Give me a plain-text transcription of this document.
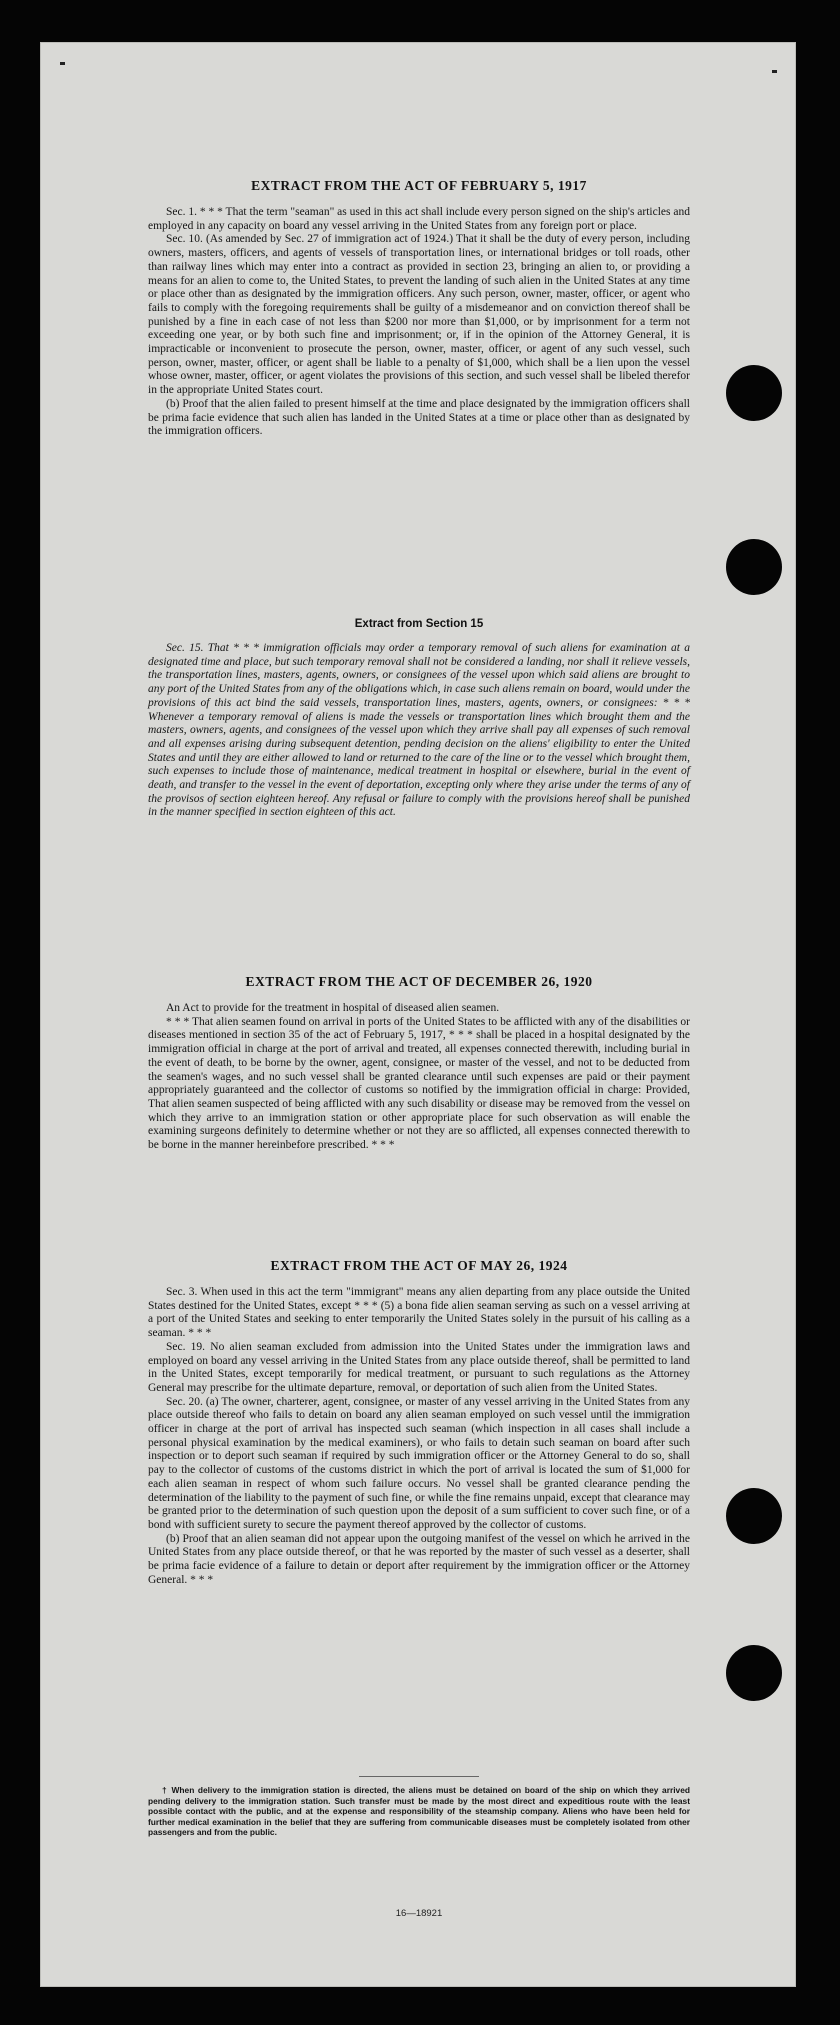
EXTRACT FROM THE ACT OF FEBRUARY 5, 1917

Sec. 1. * * * That the term "seaman" as used in this act shall include every person signed on the ship's articles and employed in any capacity on board any vessel arriving in the United States from any foreign port or place.

Sec. 10. (As amended by Sec. 27 of immigration act of 1924.) That it shall be the duty of every person, including owners, masters, officers, and agents of vessels of transportation lines, or international bridges or toll roads, other than railway lines which may enter into a contract as provided in section 23, bringing an alien to, or providing a means for an alien to come to, the United States, to prevent the landing of such alien in the United States at any time or place other than as designated by the immigration officers. Any such person, owner, master, officer, or agent who fails to comply with the foregoing requirements shall be guilty of a misdemeanor and on conviction thereof shall be punished by a fine in each case of not less than $200 nor more than $1,000, or by imprisonment for a term not exceeding one year, or by both such fine and imprisonment; or, if in the opinion of the Attorney General, it is impracticable or inconvenient to prosecute the person, owner, master, officer, or agent of any such vessel, such person, owner, master, officer, or agent shall be liable to a penalty of $1,000, which shall be a lien upon the vessel whose owner, master, officer, or agent violates the provisions of this section, and such vessel shall be libeled therefor in the appropriate United States court.

(b) Proof that the alien failed to present himself at the time and place designated by the immigration officers shall be prima facie evidence that such alien has landed in the United States at a time or place other than as designated by the immigration officers.

Extract from Section 15

Sec. 15. That * * * immigration officials may order a temporary removal of such aliens for examination at a designated time and place, but such temporary removal shall not be considered a landing, nor shall it relieve vessels, the transportation lines, masters, agents, owners, or consignees of the vessel upon which said aliens are brought to any port of the United States from any of the obligations which, in case such aliens remain on board, would under the provisions of this act bind the said vessels, transportation lines, masters, agents, owners, or consignees: * * * Whenever a temporary removal of aliens is made the vessels or transportation lines which brought them and the masters, owners, agents, and consignees of the vessel upon which they arrive shall pay all expenses of such removal and all expenses arising during subsequent detention, pending decision on the aliens' eligibility to enter the United States and until they are either allowed to land or returned to the care of the line or to the vessel which brought them, such expenses to include those of maintenance, medical treatment in hospital or elsewhere, burial in the event of death, and transfer to the vessel in the event of deportation, excepting only where they arise under the terms of any of the provisos of section eighteen hereof. Any refusal or failure to comply with the provisions hereof shall be punished in the manner specified in section eighteen of this act.

EXTRACT FROM THE ACT OF DECEMBER 26, 1920

An Act to provide for the treatment in hospital of diseased alien seamen.

* * * That alien seamen found on arrival in ports of the United States to be afflicted with any of the disabilities or diseases mentioned in section 35 of the act of February 5, 1917, * * * shall be placed in a hospital designated by the immigration official in charge at the port of arrival and treated, all expenses connected therewith, including burial in the event of death, to be borne by the owner, agent, consignee, or master of the vessel, and not to be deducted from the seamen's wages, and no such vessel shall be granted clearance until such expenses are paid or their payment appropriately guaranteed and the collector of customs so notified by the immigration official in charge: Provided, That alien seamen suspected of being afflicted with any such disability or disease may be removed from the vessel on which they arrive to an immigration station or other appropriate place for such observation as will enable the examining surgeons definitely to determine whether or not they are so afflicted, all expenses connected therewith to be borne in the manner hereinbefore prescribed. * * *

EXTRACT FROM THE ACT OF MAY 26, 1924

Sec. 3. When used in this act the term "immigrant" means any alien departing from any place outside the United States destined for the United States, except * * * (5) a bona fide alien seaman serving as such on a vessel arriving at a port of the United States and seeking to enter temporarily the United States solely in the pursuit of his calling as a seaman. * * *

Sec. 19. No alien seaman excluded from admission into the United States under the immigration laws and employed on board any vessel arriving in the United States from any place outside thereof, shall be permitted to land in the United States, except temporarily for medical treatment, or pursuant to such regulations as the Attorney General may prescribe for the ultimate departure, removal, or deportation of such alien from the United States.

Sec. 20. (a) The owner, charterer, agent, consignee, or master of any vessel arriving in the United States from any place outside thereof who fails to detain on board any alien seaman employed on such vessel until the immigration officer in charge at the port of arrival has inspected such seaman (which inspection in all cases shall include a personal physical examination by the medical examiners), or who fails to detain such seaman on board after such inspection or to deport such seaman if required by such immigration officer or the Attorney General to do so, shall pay to the collector of customs of the customs district in which the port of arrival is located the sum of $1,000 for each alien seaman in respect of whom such failure occurs. No vessel shall be granted clearance pending the determination of the liability to the payment of such fine, or while the fine remains unpaid, except that clearance may be granted prior to the determination of such question upon the deposit of a sum sufficient to cover such fine, or of a bond with sufficient surety to secure the payment thereof approved by the collector of customs.

(b) Proof that an alien seaman did not appear upon the outgoing manifest of the vessel on which he arrived in the United States from any place outside thereof, or that he was reported by the master of such vessel as a deserter, shall be prima facie evidence of a failure to detain or deport after requirement by the immigration officer or the Attorney General. * * *

† When delivery to the immigration station is directed, the aliens must be detained on board of the ship on which they arrived pending delivery to the immigration station. Such transfer must be made by the most direct and expeditious route with the least possible contact with the public, and at the expense and responsibility of the steamship company. Aliens who have been held for further medical examination in the belief that they are suffering from communicable diseases must be completely isolated from other passengers and from the public.

16—18921
